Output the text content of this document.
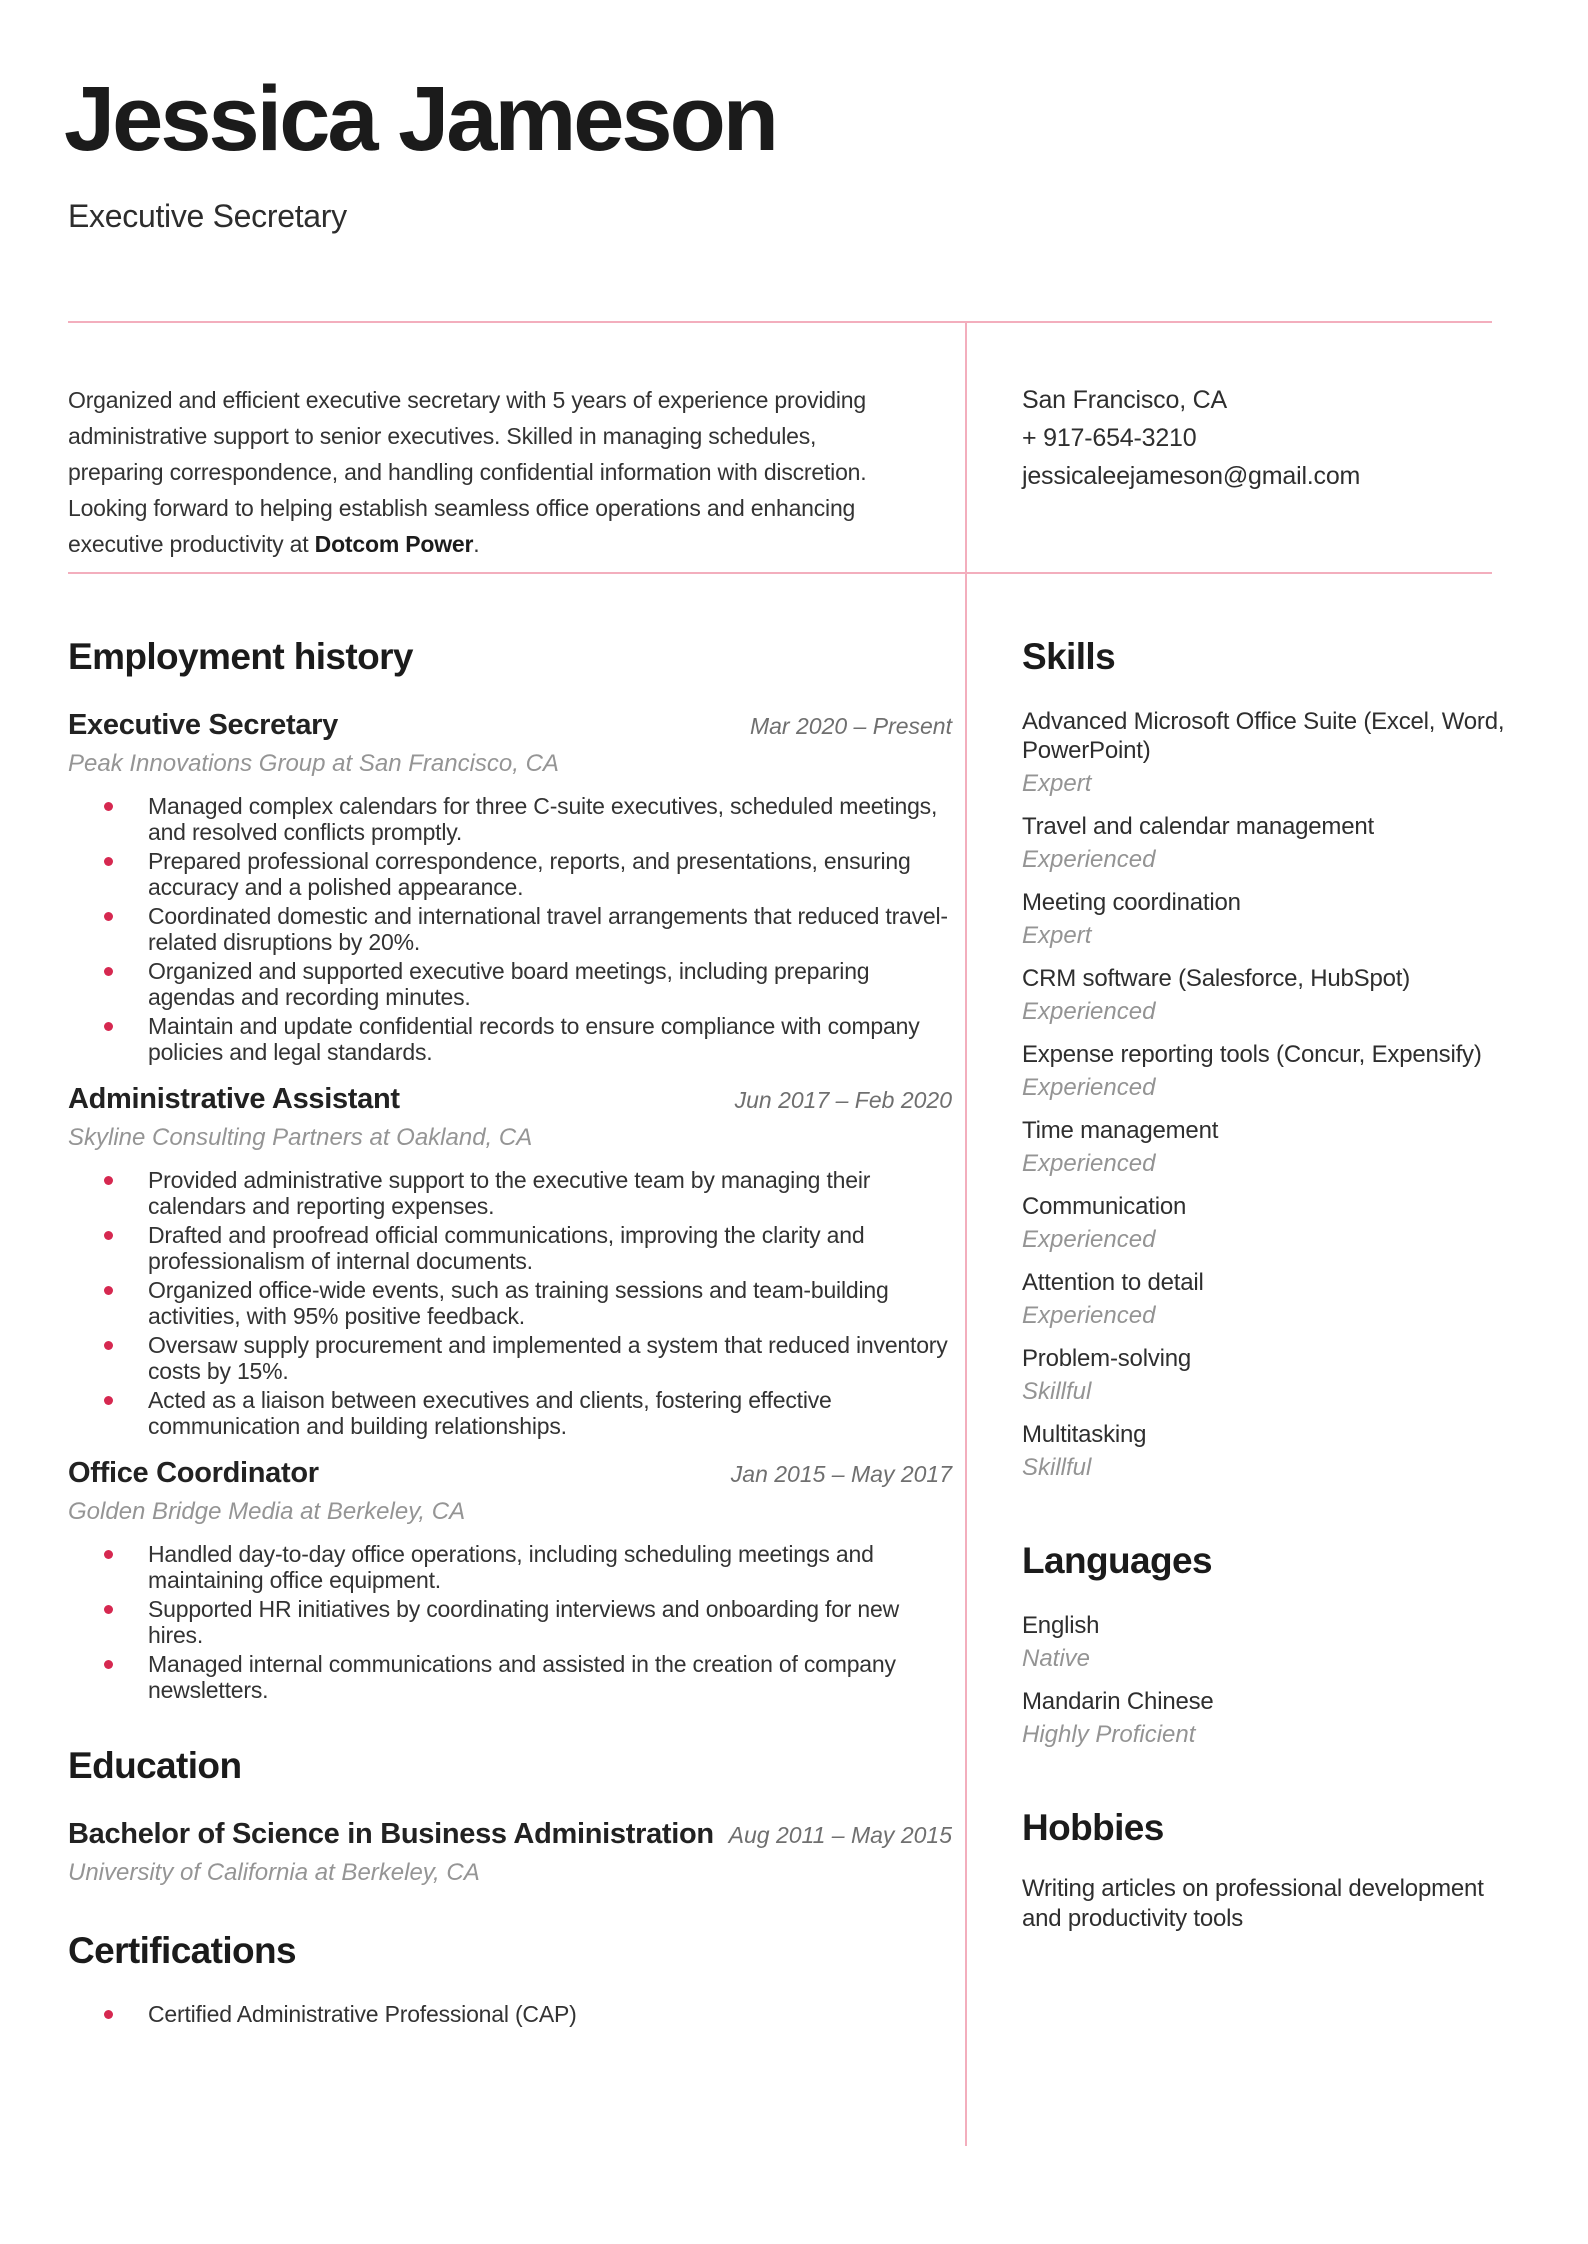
Jessica Jameson
Executive Secretary

Organized and efficient executive secretary with 5 years of experience providing administrative support to senior executives. Skilled in managing schedules, preparing correspondence, and handling confidential information with discretion. Looking forward to helping establish seamless office operations and enhancing executive productivity at Dotcom Power.

San Francisco, CA
+ 917-654-3210
jessicaleejameson@gmail.com
Employment history
Executive Secretary	Mar 2020 – Present
Peak Innovations Group at San Francisco, CA
Managed complex calendars for three C-suite executives, scheduled meetings, and resolved conflicts promptly.
Prepared professional correspondence, reports, and presentations, ensuring accuracy and a polished appearance.
Coordinated domestic and international travel arrangements that reduced travel-related disruptions by 20%.
Organized and supported executive board meetings, including preparing agendas and recording minutes.
Maintain and update confidential records to ensure compliance with company policies and legal standards.
Administrative Assistant	Jun 2017 – Feb 2020
Skyline Consulting Partners at Oakland, CA
Provided administrative support to the executive team by managing their calendars and reporting expenses.
Drafted and proofread official communications, improving the clarity and professionalism of internal documents.
Organized office-wide events, such as training sessions and team-building activities, with 95% positive feedback.
Oversaw supply procurement and implemented a system that reduced inventory costs by 15%.
Acted as a liaison between executives and clients, fostering effective communication and building relationships.
Office Coordinator	Jan 2015 – May 2017
Golden Bridge Media at Berkeley, CA
Handled day-to-day office operations, including scheduling meetings and maintaining office equipment.
Supported HR initiatives by coordinating interviews and onboarding for new hires.
Managed internal communications and assisted in the creation of company newsletters.
Education
Bachelor of Science in Business Administration Aug 2011 – May 2015
University of California at Berkeley, CA
Certifications
Certified Administrative Professional (CAP)
Skills
Advanced Microsoft Office Suite (Excel, Word, PowerPoint)
Expert
Travel and calendar management
Experienced
Meeting coordination
Expert
CRM software (Salesforce, HubSpot)
Experienced
Expense reporting tools (Concur, Expensify)
Experienced
Time management
Experienced
Communication
Experienced
Attention to detail
Experienced
Problem-solving
Skillful
Multitasking
Skillful
Languages
English
Native
Mandarin Chinese
Highly Proficient
Hobbies
Writing articles on professional development and productivity tools
